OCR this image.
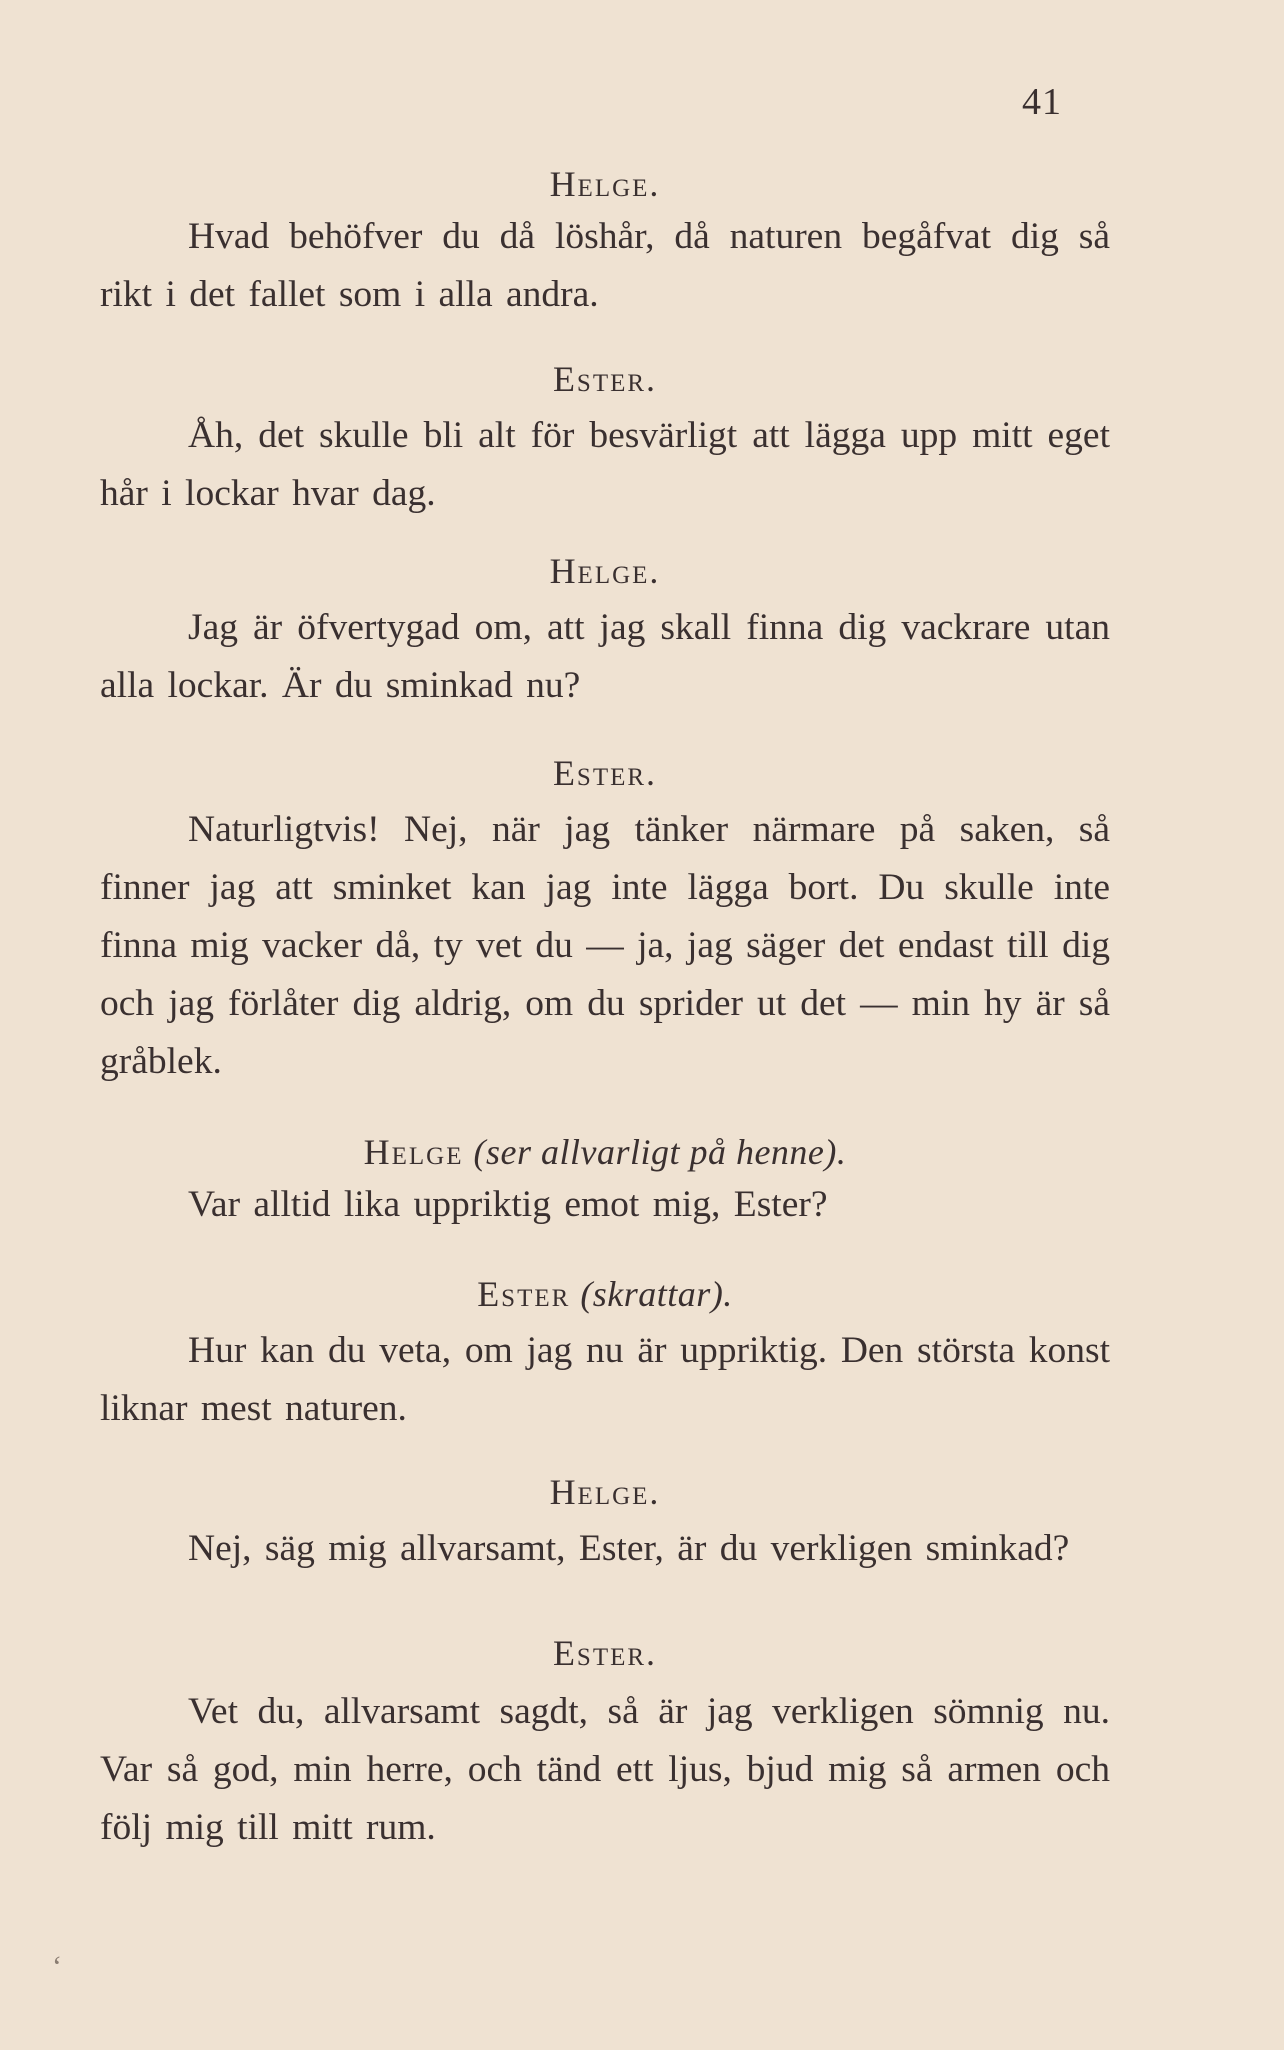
41
Helge.
Hvad behöfver du då löshår, då naturen begåfvat dig så rikt i det fallet som i alla andra.
Ester.
Åh, det skulle bli alt för besvärligt att lägga upp mitt eget hår i lockar hvar dag.
Helge.
Jag är öfvertygad om, att jag skall finna dig vackrare utan alla lockar. Är du sminkad nu?
Ester.
Naturligtvis! Nej, när jag tänker närmare på saken, så finner jag att sminket kan jag inte lägga bort. Du skulle inte finna mig vacker då, ty vet du — ja, jag säger det endast till dig och jag förlåter dig aldrig, om du sprider ut det — min hy är så gråblek.
Helge (ser allvarligt på henne).
Var alltid lika uppriktig emot mig, Ester?
Ester (skrattar).
Hur kan du veta, om jag nu är uppriktig. Den största konst liknar mest naturen.
Helge.
Nej, säg mig allvarsamt, Ester, är du verkligen sminkad?
Ester.
Vet du, allvarsamt sagdt, så är jag verkligen sömnig nu. Var så god, min herre, och tänd ett ljus, bjud mig så armen och följ mig till mitt rum.
‘
